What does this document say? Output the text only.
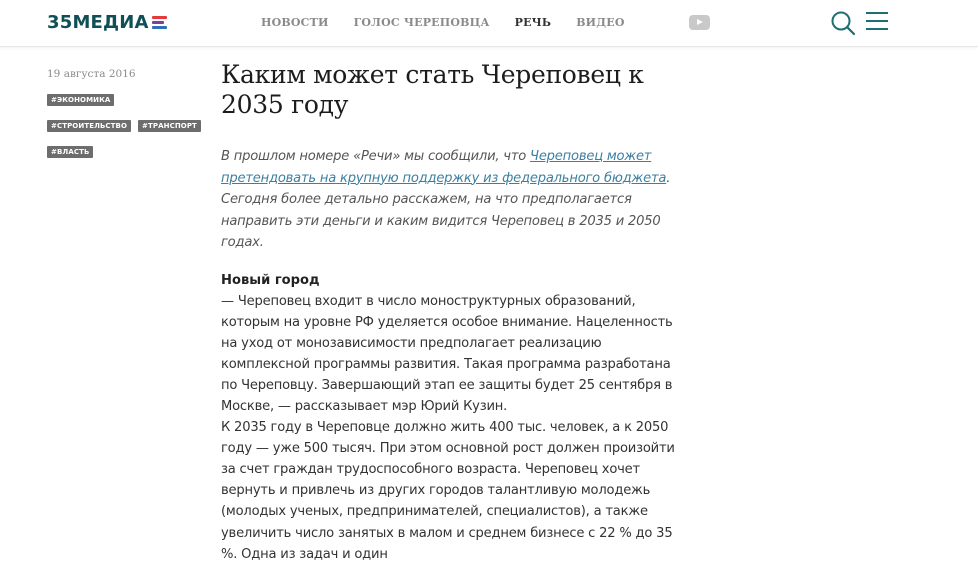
35МЕДИА	НОВОСТИ ГОЛОС ЧЕРЕПОВЦА РЕЧЬ ВИДЕО
19 августа 2016
#ЭКОНОМИКА
#СТРОИТЕЛЬСТВО	#ТРАНСПОРТ
#ВЛАСТЬ
Каким может стать Череповец к 2035 году
В прошлом номере «Речи» мы сообщили, что Череповец может претендовать на крупную поддержку из федерального бюджета. Сегодня более детально расскажем, на что предполагается направить эти деньги и каким видится Череповец в 2035 и 2050 годах.
Новый город

— Череповец входит в число моноструктурных образований, которым на уровне РФ уделяется особое внимание. Нацеленность на уход от монозависимости предполагает реализацию комплексной программы развития. Такая программа разработана по Череповцу. Завершающий этап ее защиты будет 25 сентября в Москве, — рассказывает мэр Юрий Кузин.

К 2035 году в Череповце должно жить 400 тыс. человек, а к 2050 году — уже 500 тысяч. При этом основной рост должен произойти за счет граждан трудоспособного возраста. Череповец хочет вернуть и привлечь из других городов талантливую молодежь (молодых ученых, предпринимателей, специалистов), а также увеличить число занятых в малом и среднем бизнесе с 22 % до 35 %. Одна из задач и один
